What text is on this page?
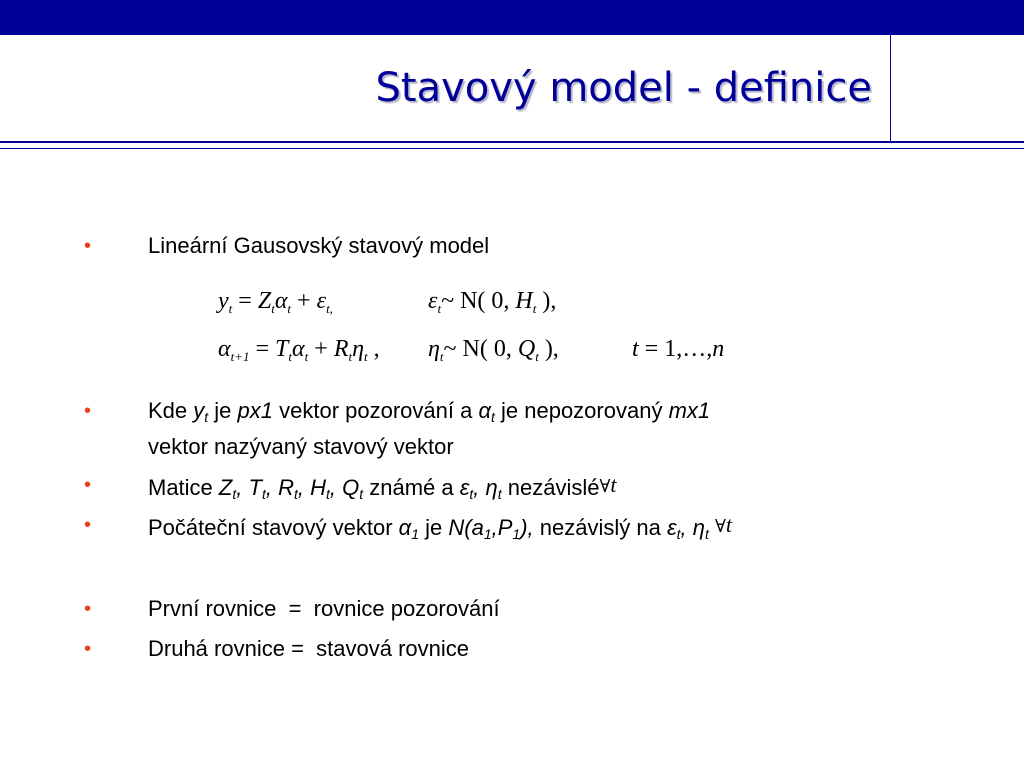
Stavový model - definice
•	Lineární Gausovský stavový model
$y_t = Z_t\alpha_t + \varepsilon_{t,}$	$\varepsilon_t\sim$ N( 0, $H_t$ ),
$\alpha_{t+1} = T_t\alpha_t + R_t\eta_t$ , $\eta_t\sim$ N( 0, $Q_t$ ),	t = 1,…,n
•	Kde $y_t$ je px1 vektor pozorování a $\alpha_t$ je nepozorovaný mx1
vektor nazývaný stavový vektor
•	Matice $Z_t$, $T_t$, $R_t$, $H_t$, $Q_t$ známé a $\varepsilon_t$, $\eta_t$ nezávislé∀t
•	Počáteční stavový vektor $\alpha_1$ je $N(a_1,P_1)$, nezávislý na $\varepsilon_t$, $\eta_t$ ∀t
•	První rovnice  =  rovnice pozorování
•	Druhá rovnice =  stavová rovnice
